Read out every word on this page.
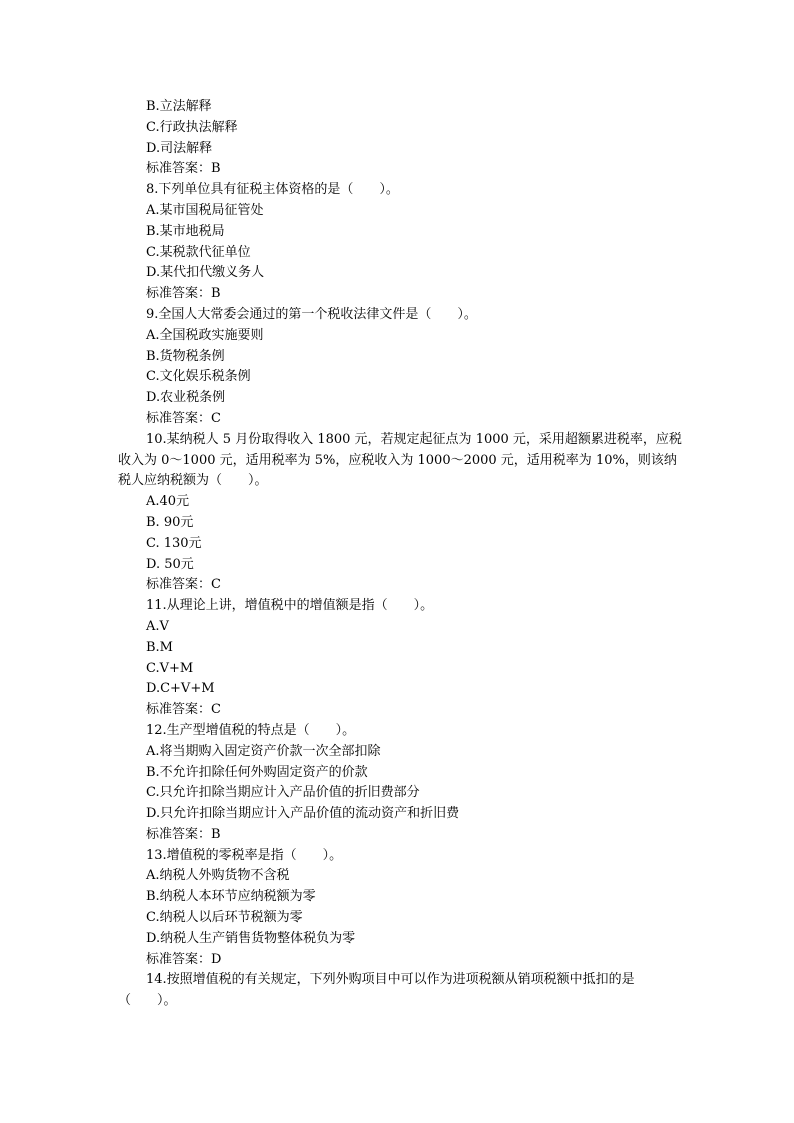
B.立法解释
C.行政执法解释
D.司法解释
标准答案：B
8.下列单位具有征税主体资格的是（　　）。
A.某市国税局征管处
B.某市地税局
C.某税款代征单位
D.某代扣代缴义务人
标准答案：B
9.全国人大常委会通过的第一个税收法律文件是（　　）。
A.全国税政实施要则
B.货物税条例
C.文化娱乐税条例
D.农业税条例
标准答案：C

10.某纳税人 5 月份取得收入 1800 元，若规定起征点为 1000 元，采用超额累进税率，应税收入为 0～1000 元，适用税率为 5%，应税收入为 1000～2000 元，适用税率为 10%，则该纳税人应纳税额为（　　）。

A.40元
B. 90元
C. 130元
D. 50元
标准答案：C
11.从理论上讲，增值税中的增值额是指（　　）。
A.V
B.M
C.V+M
D.C+V+M
标准答案：C
12.生产型增值税的特点是（　　）。
A.将当期购入固定资产价款一次全部扣除
B.不允许扣除任何外购固定资产的价款
C.只允许扣除当期应计入产品价值的折旧费部分
D.只允许扣除当期应计入产品价值的流动资产和折旧费
标准答案：B
13.增值税的零税率是指（　　）。
A.纳税人外购货物不含税
B.纳税人本环节应纳税额为零
C.纳税人以后环节税额为零
D.纳税人生产销售货物整体税负为零
标准答案：D

14.按照增值税的有关规定，下列外购项目中可以作为进项税额从销项税额中抵扣的是（　　）。
